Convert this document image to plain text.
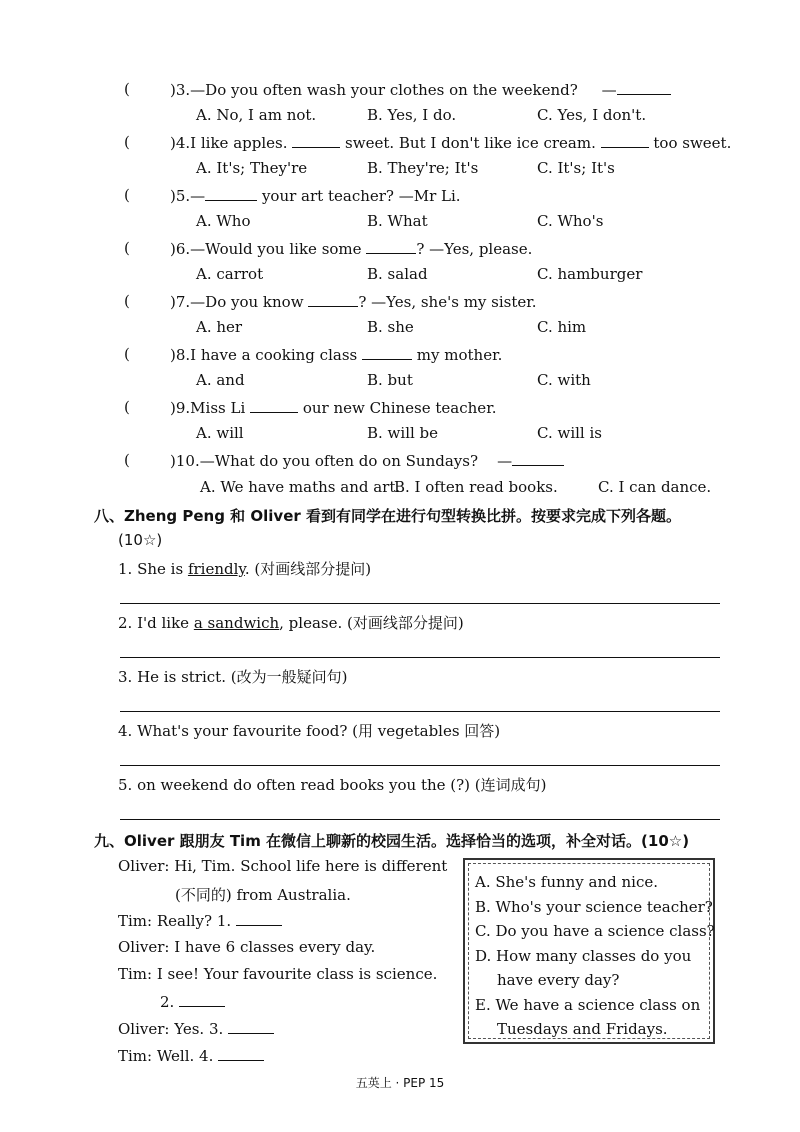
(	)3.—Do you often wash your clothes on the weekend? —
A. No, I am not.	B. Yes, I do.	C. Yes, I don't.
(	)4.I like apples.	sweet. But I don't like ice cream.	too sweet.
A. It's; They're	B. They're; It's	C. It's; It's
(	)5.—	your art teacher? —Mr Li.
A. Who	B. What	C. Who's
(	)6.—Would you like some	? —Yes, please.
A. carrot	B. salad	C. hamburger
(	)7.—Do you know	? —Yes, she's my sister.
A. her	B. she	C. him
(	)8.I have a cooking class	my mother.
A. and	B. but	C. with
(	)9.Miss Li	our new Chinese teacher.
A. will	B. will be	C. will is
(	)10.—What do you often do on Sundays? —
A. We have maths and art.
B. I often read books.	C. I can dance.
八、Zheng Peng 和 Oliver 看到有同学在进行句型转换比拼。按要求完成下列各题。
(10☆)
1. She is friendly. (对画线部分提问)
2. I'd like a sandwich, please. (对画线部分提问)
3. He is strict. (改为一般疑问句)
4. What's your favourite food? (用 vegetables 回答)
5. on weekend do often read books you the (?) (连词成句)
九、Oliver 跟朋友 Tim 在微信上聊新的校园生活。选择恰当的选项，补全对话。(10☆)
Oliver: Hi, Tim. School life here is different
(不同的) from Australia.
Tim: Really? 1.
Oliver: I have 6 classes every day.
Tim: I see! Your favourite class is science.
2.
Oliver: Yes. 3.
Tim: Well. 4.
A. She's funny and nice.
B. Who's your science teacher?
C. Do you have a science class?
D. How many classes do you
have every day?
E. We have a science class on
Tuesdays and Fridays.
五英上 · PEP 15
